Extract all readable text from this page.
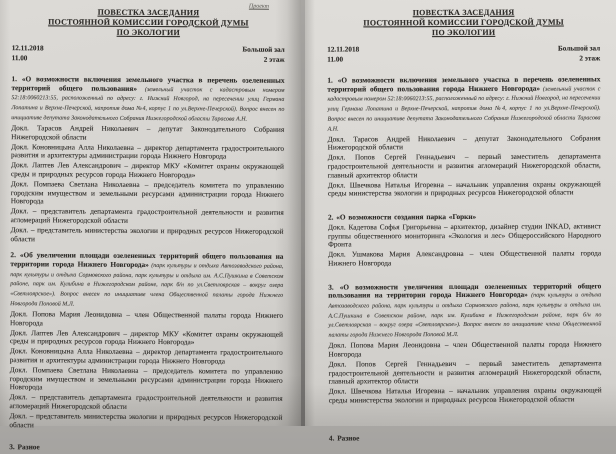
Проект
ПОВЕСТКА ЗАСЕДАНИЯ
ПОСТОЯННОЙ КОМИССИИ ГОРОДСКОЙ ДУМЫ
ПО ЭКОЛОГИИ
12.11.2018
11.00
Большой зал
2 этаж

1. «О возможности включения земельного участка в перечень озелененных территорий общего пользования» (земельный участок с кадастровым номером 52:18:0060213:55, расположенный по адресу: г. Нижний Новгород, на пересечении улиц Германа Лопатина и Верхне-Печерской, напротив дома №4, корпус 1 по ул.Верхне-Печерской). Вопрос внесен по инициативе депутата Законодательного Собрания Нижегородской области Тарасова А.Н.

Докл. Тарасов Андрей Николаевич – депутат Законодательного Собрания Нижегородской области

Докл. Коновницына Алла Николаевна – директор департамента градостроительного развития и архитектуры администрации города Нижнего Новгорода

Докл. Лаптев Лев Александрович – директор МКУ «Комитет охраны окружающей среды и природных ресурсов города Нижнего Новгорода»

Докл. Помпаева Светлана Николаевна – председатель комитета по управлению городским имуществом и земельными ресурсами администрации города Нижнего Новгорода

Докл. – представитель департамента градостроительной деятельности и развития агломераций Нижегородской области

Докл. – представитель министерства экологии и природных ресурсов Нижегородской области

2. «Об увеличении площади озелененных территорий общего пользования на территории города Нижнего Новгорода» (парк культуры и отдыха Автозаводского района, парк культуры и отдыха Сормовского района, парк культуры и отдыха им. А.С.Пушкина в Советском районе, парк им. Кулибина в Нижегородском районе, парк б/н по ул.Светлоярская – вокруг озера «Светлоярское»). Вопрос внесен по инициативе члена Общественной палаты города Нижнего Новгорода Поповой М.Л.

Докл. Попова Мария Леонидовна – член Общественной палаты города Нижнего Новгорода

Докл. Лаптев Лев Александрович – директор МКУ «Комитет охраны окружающей среды и природных ресурсов города Нижнего Новгорода»

Докл. Коновницына Алла Николаевна – директор департамента градостроительного развития и архитектуры администрации города Нижнего Новгорода

Докл. Помпаева Светлана Николаевна – председатель комитета по управлению городским имуществом и земельными ресурсами администрации города Нижнего Новгорода

Докл. – представитель департамента градостроительной деятельности и развития агломераций Нижегородской области

Докл. – представитель министерства экологии и природных ресурсов Нижегородской области

3. Разное

ПОВЕСТКА ЗАСЕДАНИЯ
ПОСТОЯННОЙ КОМИССИИ ГОРОДСКОЙ ДУМЫ
ПО ЭКОЛОГИИ
12.11.2018
11.00
Большой зал
2 этаж

1. «О возможности включения земельного участка в перечень озелененных территорий общего пользования города Нижнего Новгорода» (земельный участок с кадастровым номером 52:18:0060213:55, расположенный по адресу: г. Нижний Новгород, на пересечении улиц Германа Лопатина и Верхне-Печерской, напротив дома №4, корпус 1 по ул.Верхне-Печерской). Вопрос внесен по инициативе депутата Законодательного Собрания Нижегородской области Тарасова А.Н.

Докл. Тарасов Андрей Николаевич – депутат Законодательного Собрания Нижегородской области

Докл. Попов Сергей Геннадьевич – первый заместитель департамента градостроительной деятельности и развития агломераций Нижегородской области, главный архитектор области

Докл. Швечкова Наталья Игоревна – начальник управления охраны окружающей среды министерства экологии и природных ресурсов Нижегородской области

2. «О возможности создания парка «Горки»

Докл. Кадетова Софья Григорьевна – архитектор, дизайнер студии INKAD, активист группы общественного мониторинга «Экология и лес» Общероссийского Народного Фронта

Докл. Ушмакова Мария Александровна – член Общественной палаты города Нижнего Новгорода

3. «О возможности увеличения площади озелененных территорий общего пользования на территории города Нижнего Новгорода» (парк культуры и отдыха Автозаводского района, парк культуры и отдыха Сормовского района, парк культуры и отдыха им. А.С.Пушкина в Советском районе, парк им. Кулибина в Нижегородском районе, парк б/н по ул.Светлоярская – вокруг озера «Светлоярское»). Вопрос внесен по инициативе члена Общественной палаты города Нижнего Новгорода Поповой М.Л.

Докл. Попова Мария Леонидовна – член Общественной палаты города Нижнего Новгорода

Докл. Попов Сергей Геннадьевич – первый заместитель департамента градостроительной деятельности и развития агломераций Нижегородской области, главный архитектор области

Докл. Швечкова Наталья Игоревна – начальник управления охраны окружающей среды министерства экологии и природных ресурсов Нижегородской области

4. Разное
